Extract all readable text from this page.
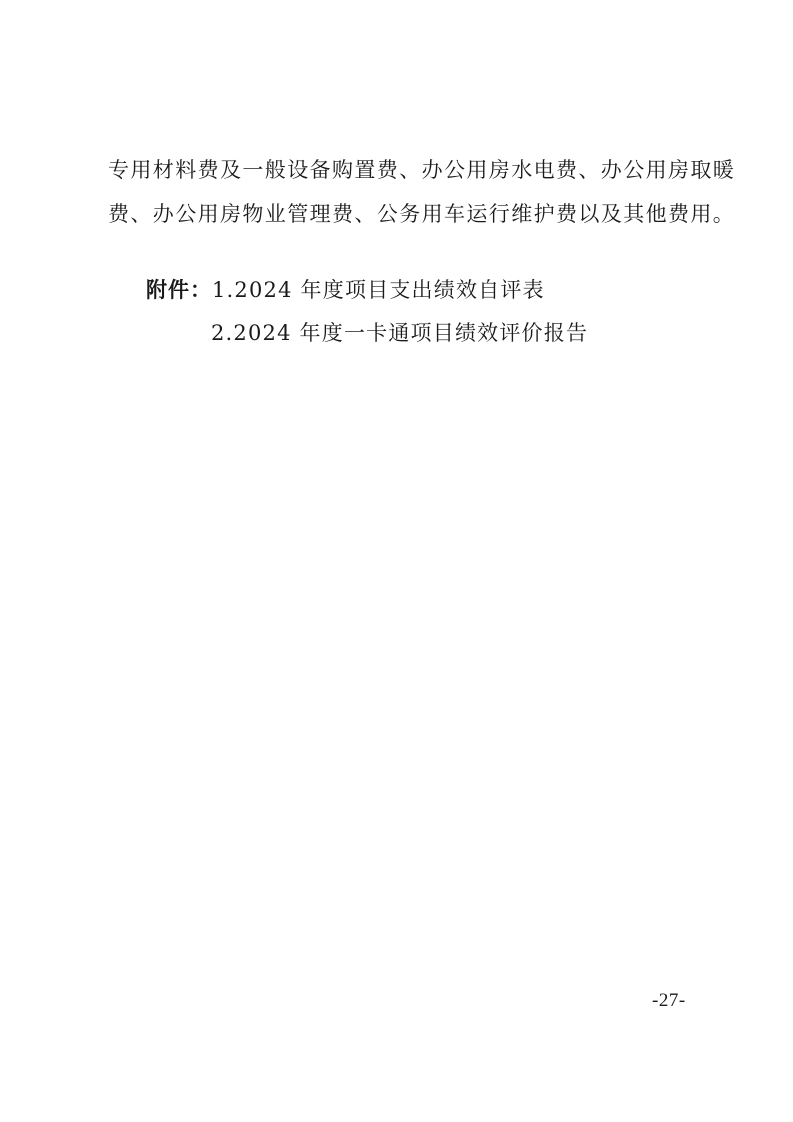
专用材料费及一般设备购置费、办公用房水电费、办公用房取暖
费、办公用房物业管理费、公务用车运行维护费以及其他费用。

附件：1.2024 年度项目支出绩效自评表
2.2024 年度一卡通项目绩效评价报告
-27-
